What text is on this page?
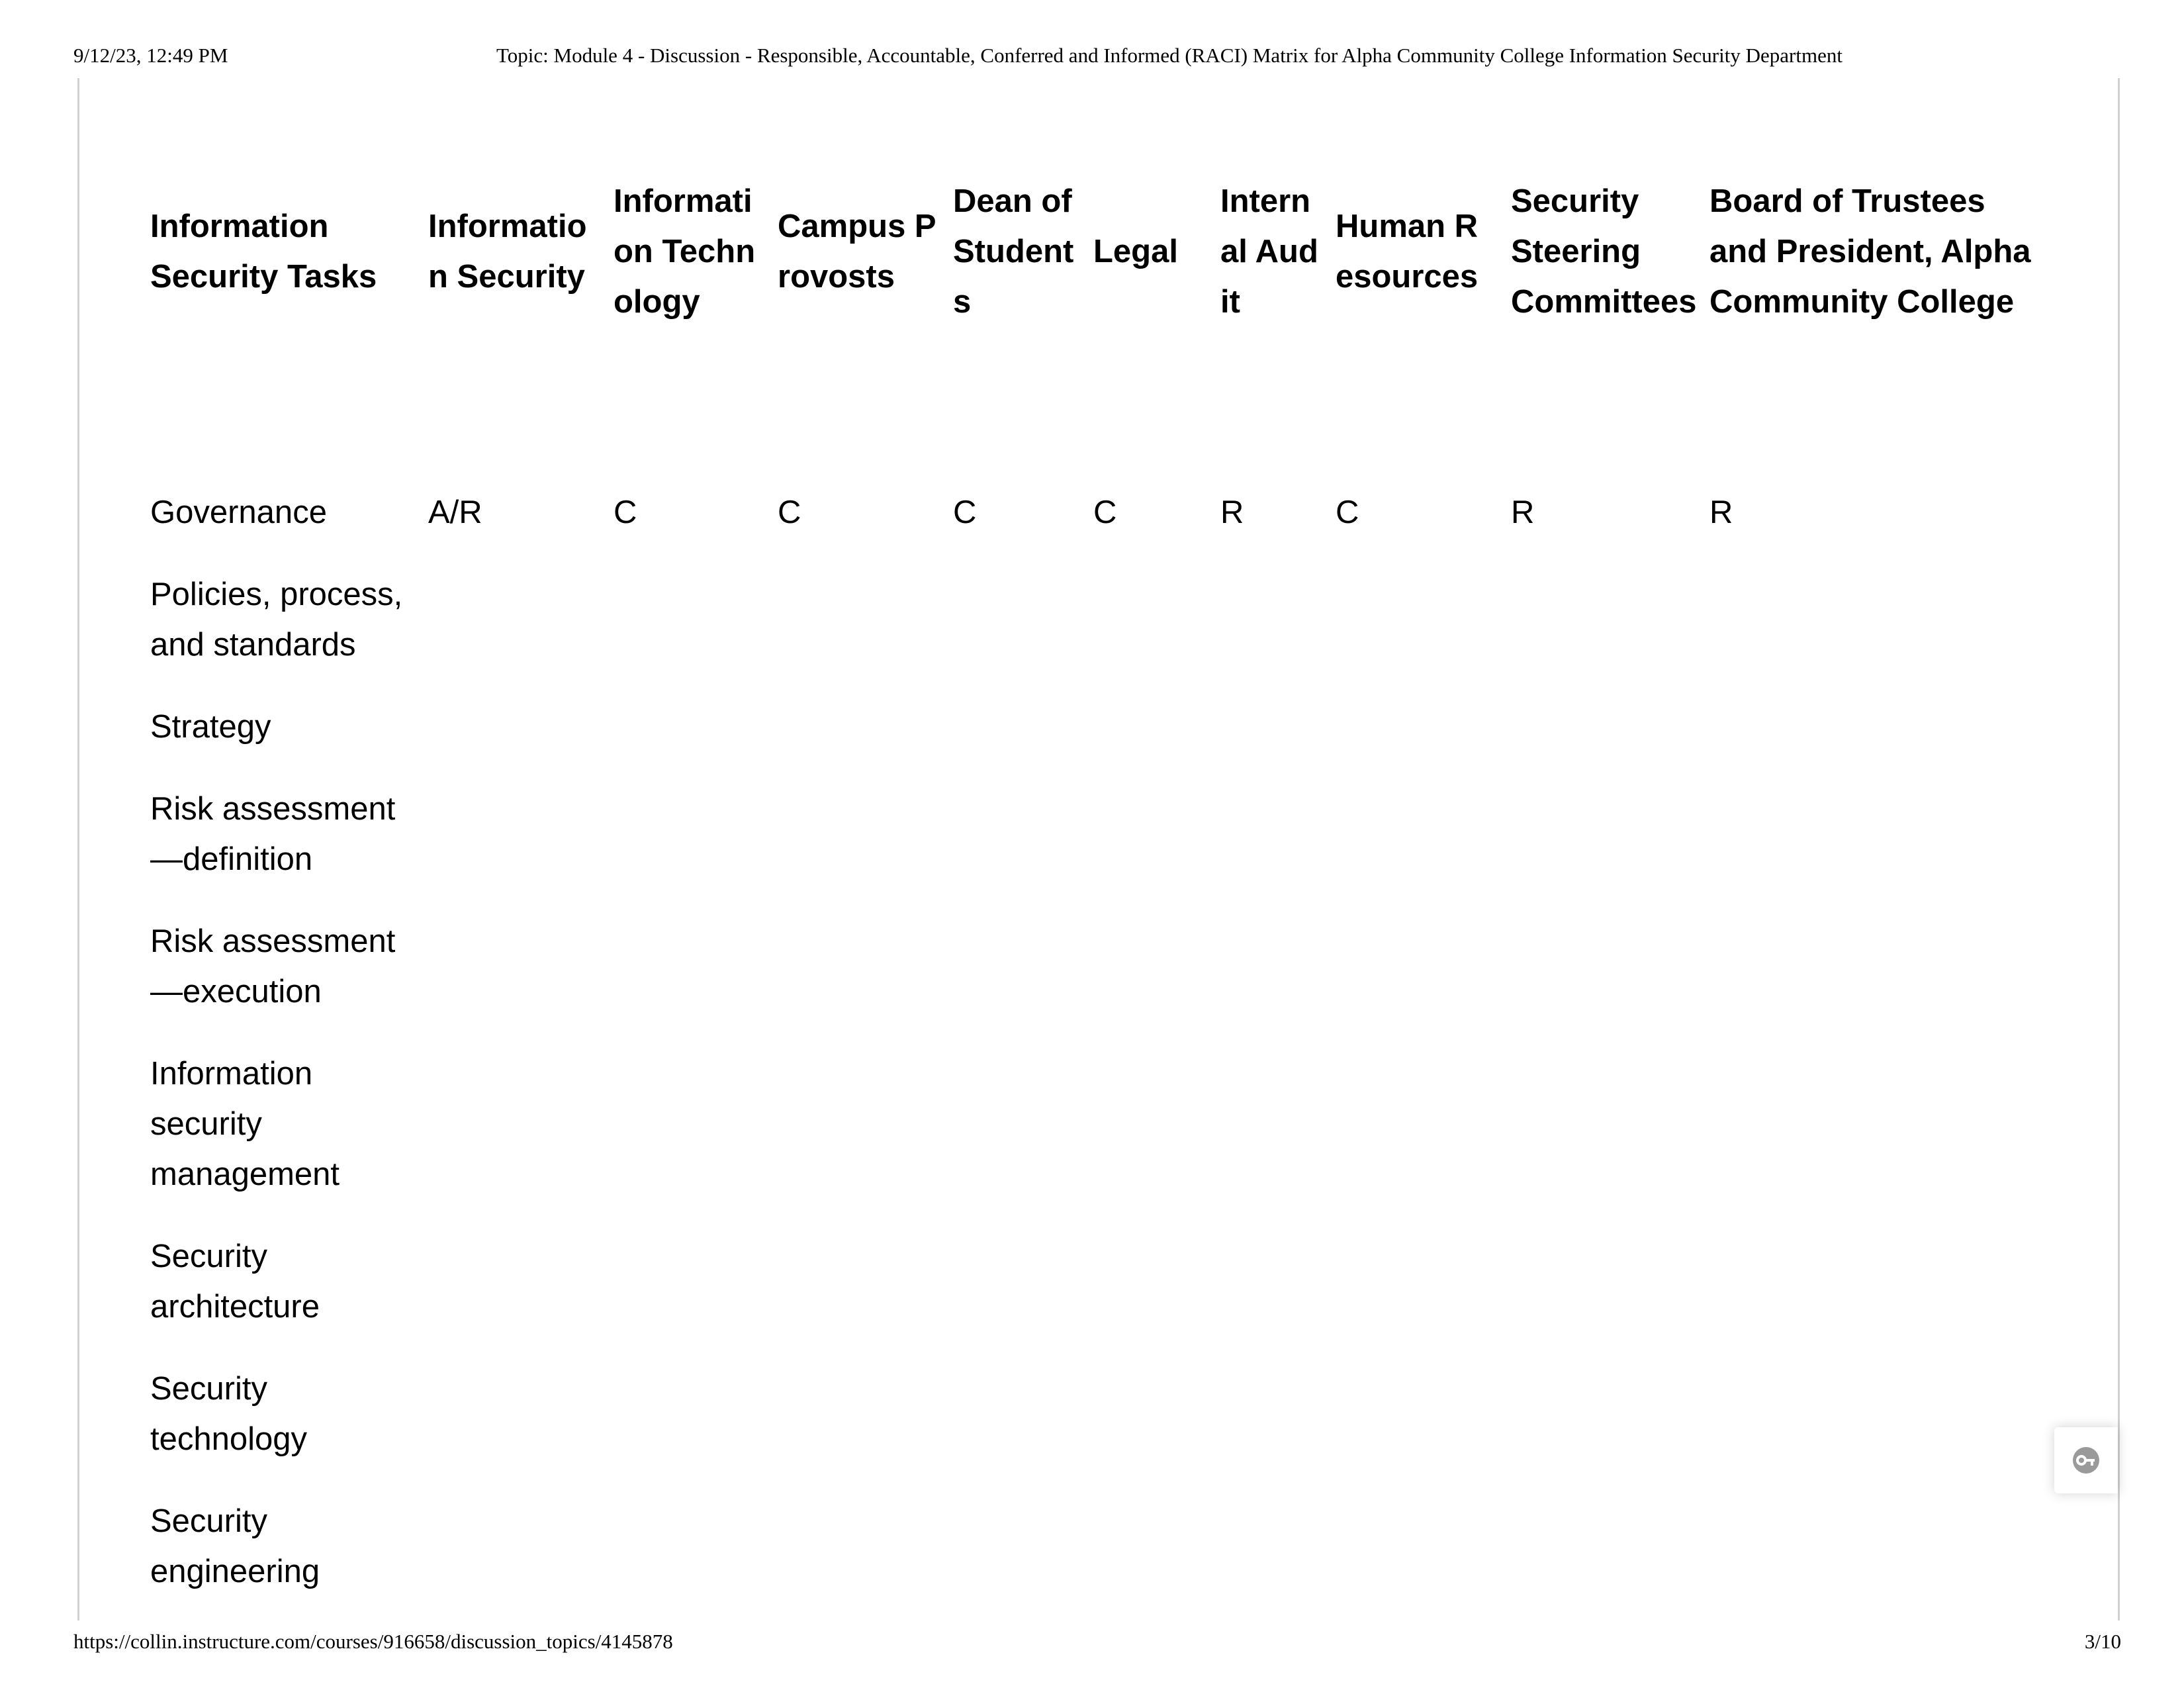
9/12/23, 12:49 PM	Topic: Module 4 - Discussion - Responsible, Accountable, Conferred and Informed (RACI) Matrix for Alpha Community College Information Security Department
Information Security Tasks	Information Security	Information Technology	Campus Provosts	Dean of Students	Legal	Internal Audit	Human Resources	Security Steering Committees	Board of Trustees and President, Alpha Community College
Governance	A/R	C	C	C	C	R	C	R	R
Policies, process, and standards									
Strategy									
Risk assessment—definition									
Risk assessment—execution									
Information security management									
Security architecture									
Security technology									
Security engineering									
https://collin.instructure.com/courses/916658/discussion_topics/4145878	3/10
